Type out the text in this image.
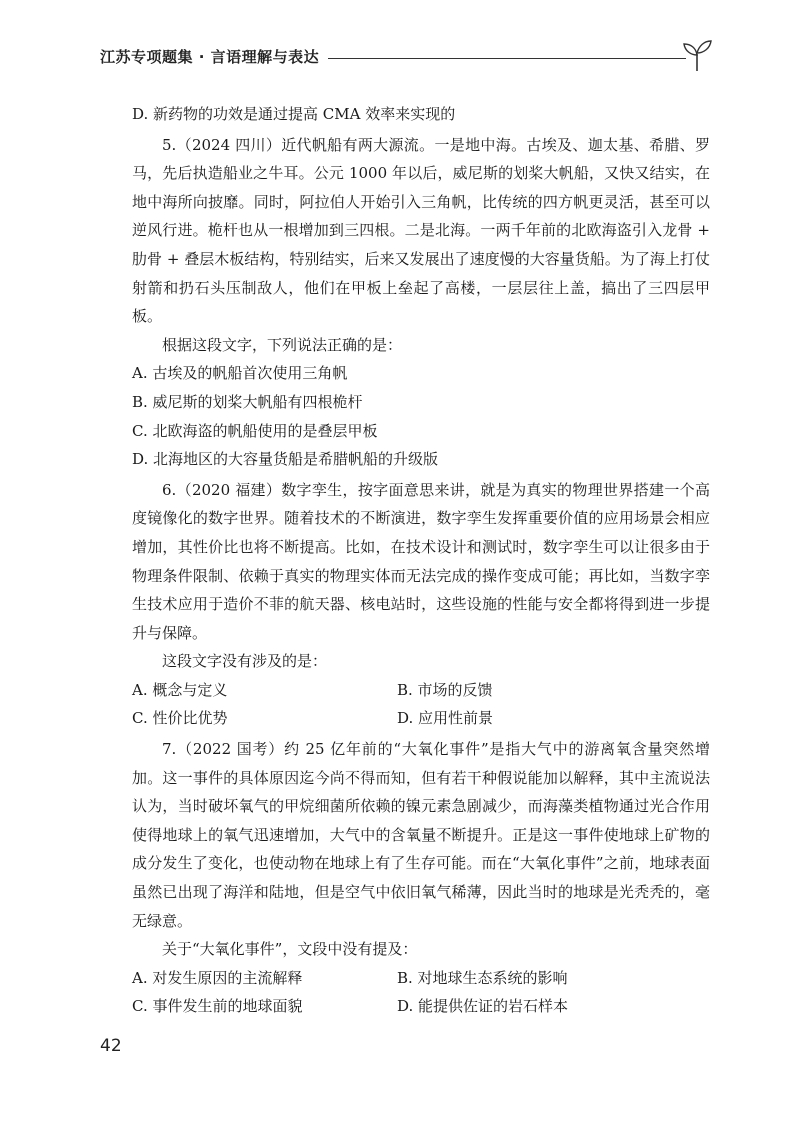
江苏专项题集 · 言语理解与表达

D. 新药物的功效是通过提高 CMA 效率来实现的

5.（2024 四川）近代帆船有两大源流。一是地中海。古埃及、迦太基、希腊、罗马，先后执造船业之牛耳。公元 1000 年以后，威尼斯的划桨大帆船，又快又结实，在地中海所向披靡。同时，阿拉伯人开始引入三角帆，比传统的四方帆更灵活，甚至可以逆风行进。桅杆也从一根增加到三四根。二是北海。一两千年前的北欧海盗引入龙骨 + 肋骨 + 叠层木板结构，特别结实，后来又发展出了速度慢的大容量货船。为了海上打仗射箭和扔石头压制敌人，他们在甲板上垒起了高楼，一层层往上盖，搞出了三四层甲板。

根据这段文字，下列说法正确的是：

A. 古埃及的帆船首次使用三角帆

B. 威尼斯的划桨大帆船有四根桅杆

C. 北欧海盗的帆船使用的是叠层甲板

D. 北海地区的大容量货船是希腊帆船的升级版

6.（2020 福建）数字孪生，按字面意思来讲，就是为真实的物理世界搭建一个高度镜像化的数字世界。随着技术的不断演进，数字孪生发挥重要价值的应用场景会相应增加，其性价比也将不断提高。比如，在技术设计和测试时，数字孪生可以让很多由于物理条件限制、依赖于真实的物理实体而无法完成的操作变成可能；再比如，当数字孪生技术应用于造价不菲的航天器、核电站时，这些设施的性能与安全都将得到进一步提升与保障。

这段文字没有涉及的是：

A. 概念与定义	B. 市场的反馈

C. 性价比优势	D. 应用性前景

7.（2022 国考）约 25 亿年前的“大氧化事件”是指大气中的游离氧含量突然增加。这一事件的具体原因迄今尚不得而知，但有若干种假说能加以解释，其中主流说法认为，当时破坏氧气的甲烷细菌所依赖的镍元素急剧减少，而海藻类植物通过光合作用使得地球上的氧气迅速增加，大气中的含氧量不断提升。正是这一事件使地球上矿物的成分发生了变化，也使动物在地球上有了生存可能。而在“大氧化事件”之前，地球表面虽然已出现了海洋和陆地，但是空气中依旧氧气稀薄，因此当时的地球是光秃秃的，毫无绿意。

关于“大氧化事件”，文段中没有提及：

A. 对发生原因的主流解释	B. 对地球生态系统的影响

C. 事件发生前的地球面貌	D. 能提供佐证的岩石样本

42
